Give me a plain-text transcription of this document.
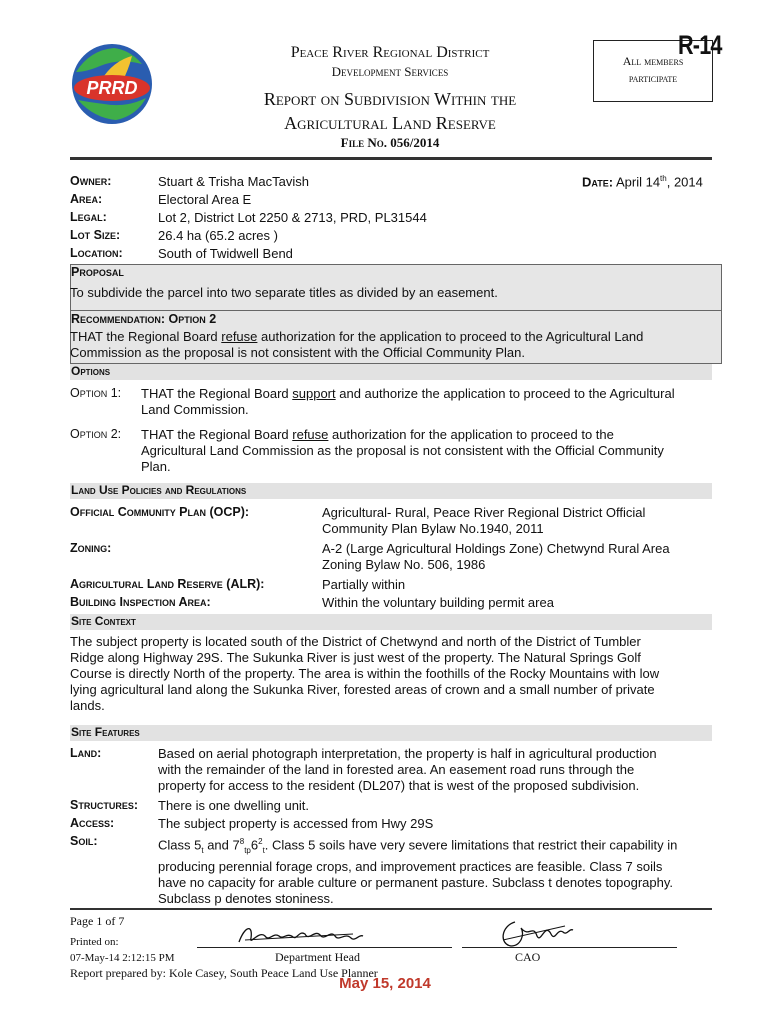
PRRD
Peace River Regional District
Development Services
Report on Subdivision Within the
Agricultural Land Reserve
File No. 056/2014
All members
participate
R-14
Owner:	Stuart & Trisha MacTavish
Area:	Electoral Area E
Legal:	Lot 2, District Lot 2250 & 2713, PRD, PL31544
Lot Size:	26.4 ha (65.2 acres )
Location:	South of Twidwell Bend
Date: April 14th, 2014
Proposal
To subdivide the parcel into two separate titles as divided by an easement.
Recommendation: Option 2
THAT the Regional Board refuse authorization for the application to proceed to the Agricultural Land
Commission as the proposal is not consistent with the Official Community Plan.
Options
Option 1: THAT the Regional Board support and authorize the application to proceed to the Agricultural
Land Commission.
Option 2: THAT the Regional Board refuse authorization for the application to proceed to the
Agricultural Land Commission as the proposal is not consistent with the Official Community
Plan.
Land Use Policies and Regulations
Official Community Plan (OCP):	Agricultural- Rural, Peace River Regional District Official
Community Plan Bylaw No.1940, 2011
Zoning:	A-2 (Large Agricultural Holdings Zone) Chetwynd Rural Area
Zoning Bylaw No. 506, 1986
Agricultural Land Reserve (ALR):	Partially within
Building Inspection Area:	Within the voluntary building permit area
Site Context
The subject property is located south of the District of Chetwynd and north of the District of Tumbler
Ridge along Highway 29S. The Sukunka River is just west of the property. The Natural Springs Golf
Course is directly North of the property. The area is within the foothills of the Rocky Mountains with low
lying agricultural land along the Sukunka River, forested areas of crown and a small number of private
lands.
Site Features
Land:	Based on aerial photograph interpretation, the property is half in agricultural production
with the remainder of the land in forested area. An easement road runs through the
property for access to the resident (DL207) that is west of the proposed subdivision.
Structures: There is one dwelling unit.
Access:	The subject property is accessed from Hwy 29S
Soil:	Class $5_t$ and $7^8_{tp}6^2_t$. Class 5 soils have very severe limitations that restrict their capability in
producing perennial forage crops, and improvement practices are feasible. Class 7 soils
have no capacity for arable culture or permanent pasture. Subclass t denotes topography.
Subclass p denotes stoniness.
Page 1 of 7
Printed on:
07-May-14 2:12:15 PM
Report prepared by: Kole Casey, South Peace Land Use Planner
Department Head	CAO
May 15, 2014
